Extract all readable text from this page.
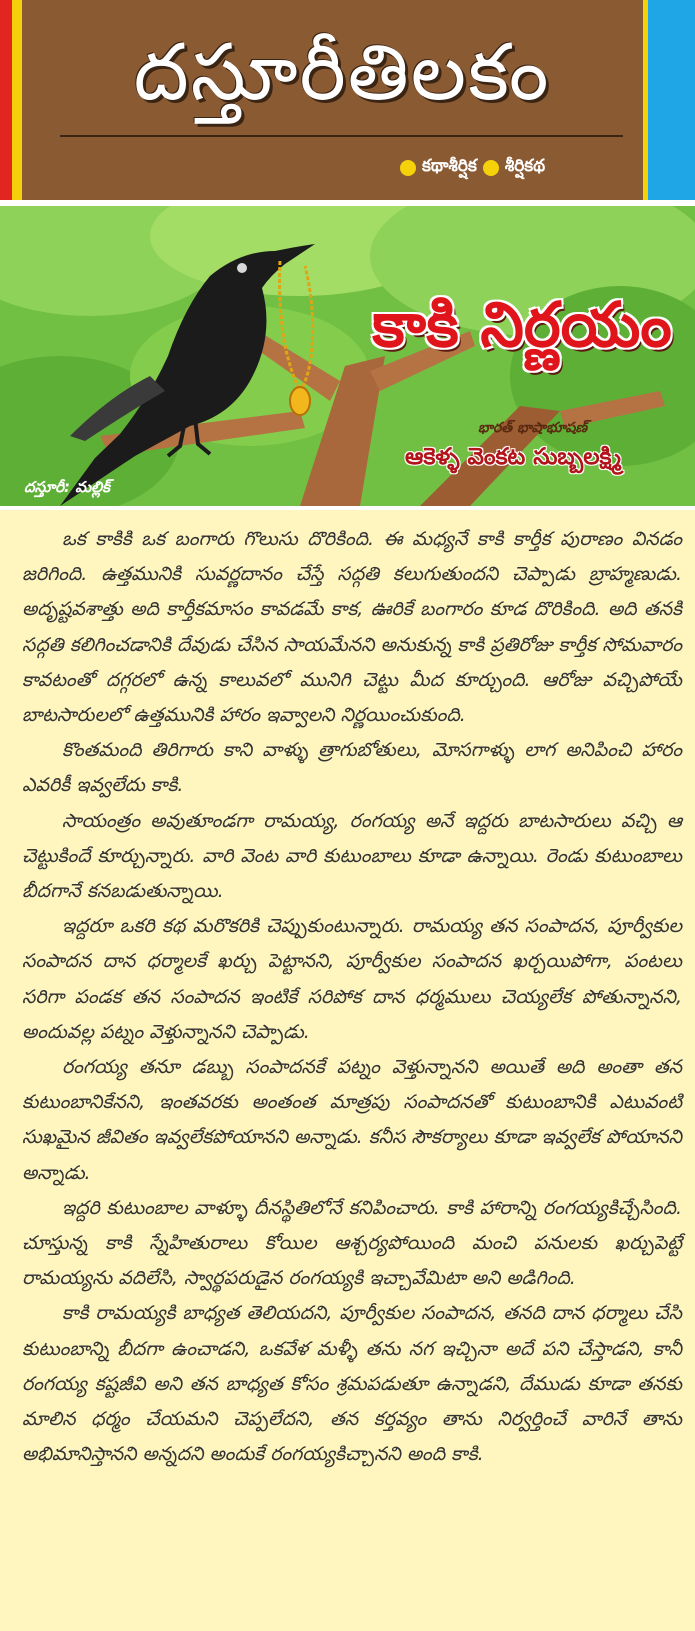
దస్తూరీతిలకం
కథాశీర్షిక శీర్షికథ
కాకి నిర్ణయం
భారత్ భాషాభూషణ్
ఆకెళ్ళ వెంకట సుబ్బలక్ష్మి
దస్తూరీ: మల్లిక్

ఒక కాకికి ఒక బంగారు గొలుసు దొరికింది. ఈ మధ్యనే కాకి కార్తీక పురాణం వినడం జరిగింది. ఉత్తమునికి సువర్ణదానం చేస్తే సద్గతి కలుగుతుందని చెప్పాడు బ్రాహ్మణుడు. అదృష్టవశాత్తు అది కార్తీకమాసం కావడమే కాక, ఊరికే బంగారం కూడ దొరికింది. అది తనకి సద్గతి కలిగించడానికి దేవుడు చేసిన సాయమేనని అనుకున్న కాకి ప్రతిరోజు కార్తీక సోమవారం కావటంతో దగ్గరలో ఉన్న కాలువలో మునిగి చెట్టు మీద కూర్చుంది. ఆరోజు వచ్చిపోయే బాటసారులలో ఉత్తమునికి హారం ఇవ్వాలని నిర్ణయించుకుంది.

కొంతమంది తిరిగారు కాని వాళ్ళు త్రాగుబోతులు, మోసగాళ్ళు లాగ అనిపించి హారం ఎవరికీ ఇవ్వలేదు కాకి.

సాయంత్రం అవుతూండగా రామయ్య, రంగయ్య అనే ఇద్దరు బాటసారులు వచ్చి ఆ చెట్టుకిందే కూర్చున్నారు. వారి వెంట వారి కుటుంబాలు కూడా ఉన్నాయి. రెండు కుటుంబాలు బీదగానే కనబడుతున్నాయి.

ఇద్దరూ ఒకరి కథ మరొకరికి చెప్పుకుంటున్నారు. రామయ్య తన సంపాదన, పూర్వీకుల సంపాదన దాన ధర్మాలకే ఖర్చు పెట్టానని, పూర్వీకుల సంపాదన ఖర్చయిపోగా, పంటలు సరిగా పండక తన సంపాదన ఇంటికే సరిపోక దాన ధర్మములు చెయ్యలేక పోతున్నానని, అందువల్ల పట్నం వెళ్తున్నానని చెప్పాడు.

రంగయ్య తనూ డబ్బు సంపాదనకే పట్నం వెళ్తున్నానని అయితే అది అంతా తన కుటుంబానికేనని, ఇంతవరకు అంతంత మాత్రపు సంపాదనతో కుటుంబానికి ఎటువంటి సుఖమైన జీవితం ఇవ్వలేకపోయానని అన్నాడు. కనీస సౌకర్యాలు కూడా ఇవ్వలేక పోయానని అన్నాడు.

ఇద్దరి కుటుంబాల వాళ్ళూ దీనస్థితిలోనే కనిపించారు. కాకి హారాన్ని రంగయ్యకిచ్చేసింది. చూస్తున్న కాకి స్నేహితురాలు కోయిల ఆశ్చర్యపోయింది మంచి పనులకు ఖర్చుపెట్టే రామయ్యను వదిలేసి, స్వార్థపరుడైన రంగయ్యకి ఇచ్చావేమిటా అని అడిగింది.

కాకి రామయ్యకి బాధ్యత తెలియదని, పూర్వీకుల సంపాదన, తనది దాన ధర్మాలు చేసి కుటుంబాన్ని బీదగా ఉంచాడని, ఒకవేళ మళ్ళీ తను నగ ఇచ్చినా అదే పని చేస్తాడని, కానీ రంగయ్య కష్టజీవి అని తన బాధ్యత కోసం శ్రమపడుతూ ఉన్నాడని, దేముడు కూడా తనకు మాలిన ధర్మం చేయమని చెప్పలేదని, తన కర్తవ్యం తాను నిర్వర్తించే వారినే తాను అభిమానిస్తానని అన్నదని అందుకే రంగయ్యకిచ్చానని అంది కాకి.
